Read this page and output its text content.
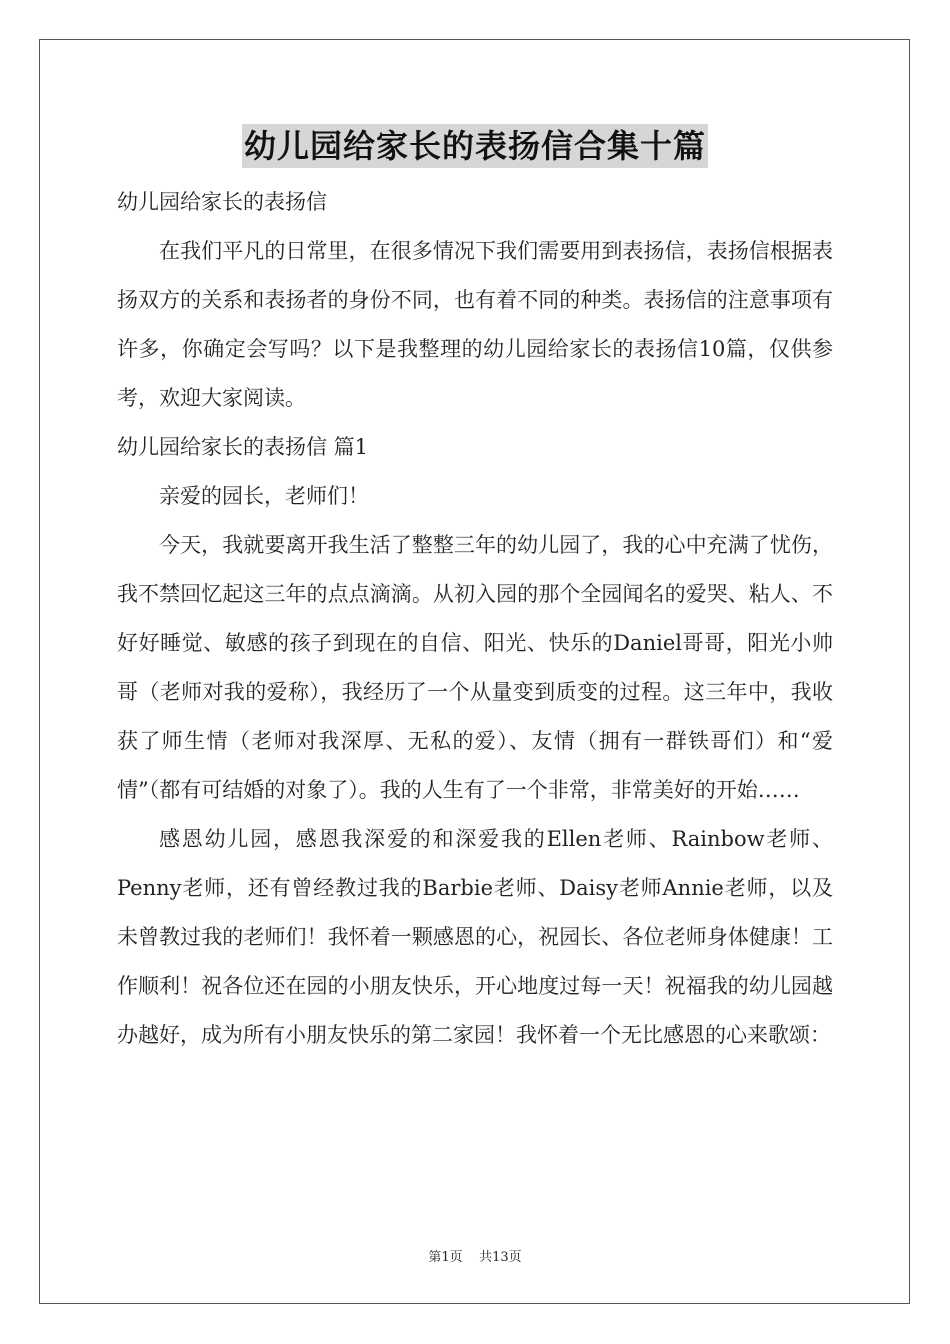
幼儿园给家长的表扬信合集十篇

幼儿园给家长的表扬信

在我们平凡的日常里，在很多情况下我们需要用到表扬信，表扬信根据表扬双方的关系和表扬者的身份不同，也有着不同的种类。表扬信的注意事项有许多，你确定会写吗？以下是我整理的幼儿园给家长的表扬信10篇，仅供参考，欢迎大家阅读。

幼儿园给家长的表扬信 篇1

亲爱的园长，老师们！

今天，我就要离开我生活了整整三年的幼儿园了，我的心中充满了忧伤，我不禁回忆起这三年的点点滴滴。从初入园的那个全园闻名的爱哭、粘人、不好好睡觉、敏感的孩子到现在的自信、阳光、快乐的Daniel哥哥，阳光小帅哥（老师对我的爱称），我经历了一个从量变到质变的过程。这三年中，我收获了师生情（老师对我深厚、无私的爱）、友情（拥有一群铁哥们）和“爱情”（都有可结婚的对象了）。我的人生有了一个非常，非常美好的开始……

感恩幼儿园，感恩我深爱的和深爱我的Ellen老师、Rainbow老师、Penny老师，还有曾经教过我的Barbie老师、Daisy老师Annie老师，以及未曾教过我的老师们！我怀着一颗感恩的心，祝园长、各位老师身体健康！工作顺利！祝各位还在园的小朋友快乐，开心地度过每一天！祝福我的幼儿园越办越好，成为所有小朋友快乐的第二家园！我怀着一个无比感恩的心来歌颂：

第1页 共13页
